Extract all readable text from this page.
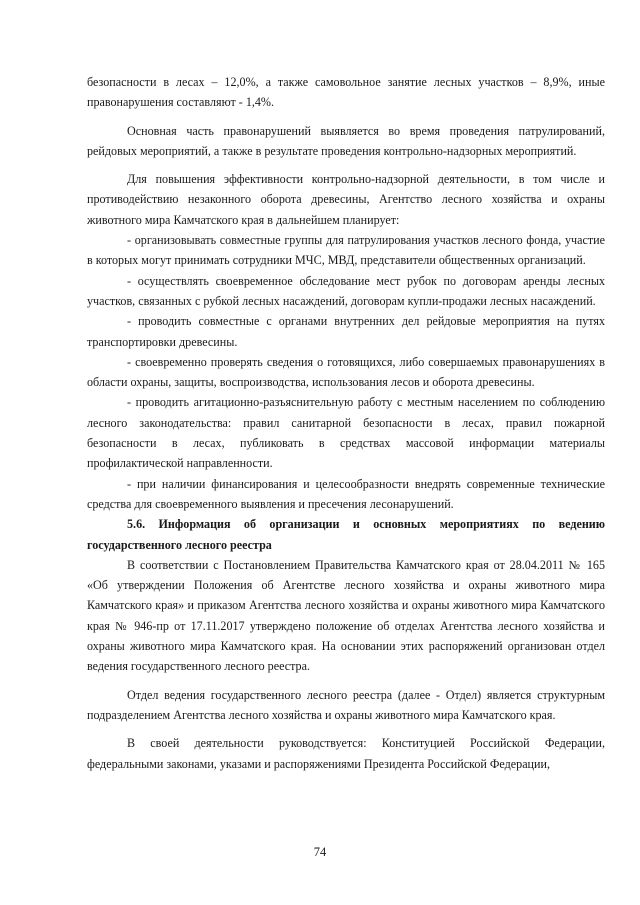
безопасности в лесах – 12,0%, а также самовольное занятие лесных участков – 8,9%, иные правонарушения составляют - 1,4%.

Основная часть правонарушений выявляется во время проведения патрулирований, рейдовых мероприятий, а также в результате проведения контрольно-надзорных мероприятий.

Для повышения эффективности контрольно-надзорной деятельности, в том числе и противодействию незаконного оборота древесины, Агентство лесного хозяйства и охраны животного мира Камчатского края в дальнейшем планирует:

- организовывать совместные группы для патрулирования участков лесного фонда, участие в которых могут принимать сотрудники МЧС, МВД, представители общественных организаций.

- осуществлять своевременное обследование мест рубок по договорам аренды лесных участков, связанных с рубкой лесных насаждений, договорам купли-продажи лесных насаждений.

- проводить совместные с органами внутренних дел рейдовые мероприятия на путях транспортировки древесины.

- своевременно проверять сведения о готовящихся, либо совершаемых правонарушениях в области охраны, защиты, воспроизводства, использования лесов и оборота древесины.

- проводить агитационно-разъяснительную работу с местным населением по соблюдению лесного законодательства: правил санитарной безопасности в лесах, правил пожарной безопасности в лесах, публиковать в средствах массовой информации материалы профилактической направленности.

- при наличии финансирования и целесообразности внедрять современные технические средства для своевременного выявления и пресечения лесонарушений.

5.6. Информация об организации и основных мероприятиях по ведению государственного лесного реестра

В соответствии с Постановлением Правительства Камчатского края от 28.04.2011 № 165 «Об утверждении Положения об Агентстве лесного хозяйства и охраны животного мира Камчатского края» и приказом Агентства лесного хозяйства и охраны животного мира Камчатского края № 946-пр от 17.11.2017 утверждено положение об отделах Агентства лесного хозяйства и охраны животного мира Камчатского края. На основании этих распоряжений организован отдел ведения государственного лесного реестра.

Отдел ведения государственного лесного реестра (далее - Отдел) является структурным подразделением Агентства лесного хозяйства и охраны животного мира Камчатского края.

В своей деятельности руководствуется: Конституцией Российской Федерации, федеральными законами, указами и распоряжениями Президента Российской Федерации,

74
